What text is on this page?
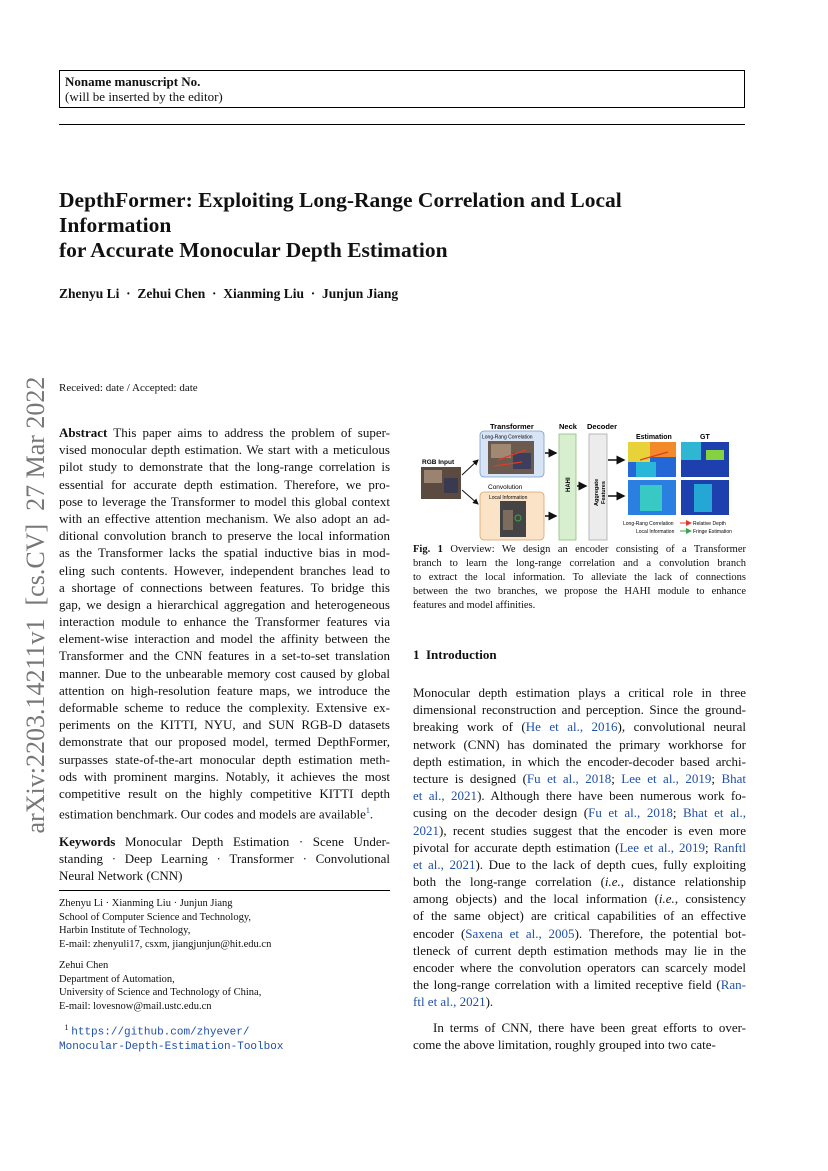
Noname manuscript No.
(will be inserted by the editor)
DepthFormer: Exploiting Long-Range Correlation and Local
Information
for Accurate Monocular Depth Estimation
Zhenyu Li  ·  Zehui Chen  ·  Xianming Liu  ·  Junjun Jiang
Received: date / Accepted: date
arXiv:2203.14211v1  [cs.CV]  27 Mar 2022 Abstract This paper aims to address the problem of super-
vised monocular depth estimation. We start with a meticulous
pilot study to demonstrate that the long-range correlation is
essential for accurate depth estimation. Therefore, we pro-
pose to leverage the Transformer to model this global context
with an effective attention mechanism. We also adopt an ad-
ditional convolution branch to preserve the local information
as the Transformer lacks the spatial inductive bias in mod-
eling such contents. However, independent branches lead to
a shortage of connections between features. To bridge this
gap, we design a hierarchical aggregation and heterogeneous
interaction module to enhance the Transformer features via
element-wise interaction and model the affinity between the
Transformer and the CNN features in a set-to-set translation
manner. Due to the unbearable memory cost caused by global
attention on high-resolution feature maps, we introduce the
deformable scheme to reduce the complexity. Extensive ex-
periments on the KITTI, NYU, and SUN RGB-D datasets
demonstrate that our proposed model, termed DepthFormer,
surpasses state-of-the-art monocular depth estimation meth-
ods with prominent margins. Notably, it achieves the most
competitive result on the highly competitive KITTI depth
estimation benchmark. Our codes and models are available$^1$.
Keywords Monocular Depth Estimation · Scene Under-
standing · Deep Learning · Transformer · Convolutional
Neural Network (CNN)
Zhenyu Li · Xianming Liu · Junjun Jiang
School of Computer Science and Technology,
Harbin Institute of Technology,
E-mail: zhenyuli17, csxm, jiangjunjun@hit.edu.cn
Zehui Chen
Department of Automation,
University of Science and Technology of China,
E-mail: lovesnow@mail.ustc.edu.cn
$^1$ https://github.com/zhyever/
Monocular-Depth-Estimation-Toolbox
Transformer	Neck Decoder
Estimation	GT
Long-Rang Correlation
RGB Input
Convolution
Local Information
HAHI	Aggregate Features
Long-Rang Correlation	Relative Depth
Local Information	Fringe Estimation
Fig. 1 Overview: We design an encoder consisting of a Transformer
branch to learn the long-range correlation and a convolution branch
to extract the local information. To alleviate the lack of connections
between the two branches, we propose the HAHI module to enhance
features and model affinities.
1  Introduction
Monocular depth estimation plays a critical role in three
dimensional reconstruction and perception. Since the ground-
breaking work of (He et al., 2016), convolutional neural
network (CNN) has dominated the primary workhorse for
depth estimation, in which the encoder-decoder based archi-
tecture is designed (Fu et al., 2018; Lee et al., 2019; Bhat
et al., 2021). Although there have been numerous work fo-
cusing on the decoder design (Fu et al., 2018; Bhat et al.,
2021), recent studies suggest that the encoder is even more
pivotal for accurate depth estimation (Lee et al., 2019; Ranftl
et al., 2021). Due to the lack of depth cues, fully exploiting
both the long-range correlation (i.e., distance relationship
among objects) and the local information (i.e., consistency
of the same object) are critical capabilities of an effective
encoder (Saxena et al., 2005). Therefore, the potential bot-
tleneck of current depth estimation methods may lie in the
encoder where the convolution operators can scarcely model
the long-range correlation with a limited receptive field (Ran-
ftl et al., 2021).
In terms of CNN, there have been great efforts to over-
come the above limitation, roughly grouped into two cate-
